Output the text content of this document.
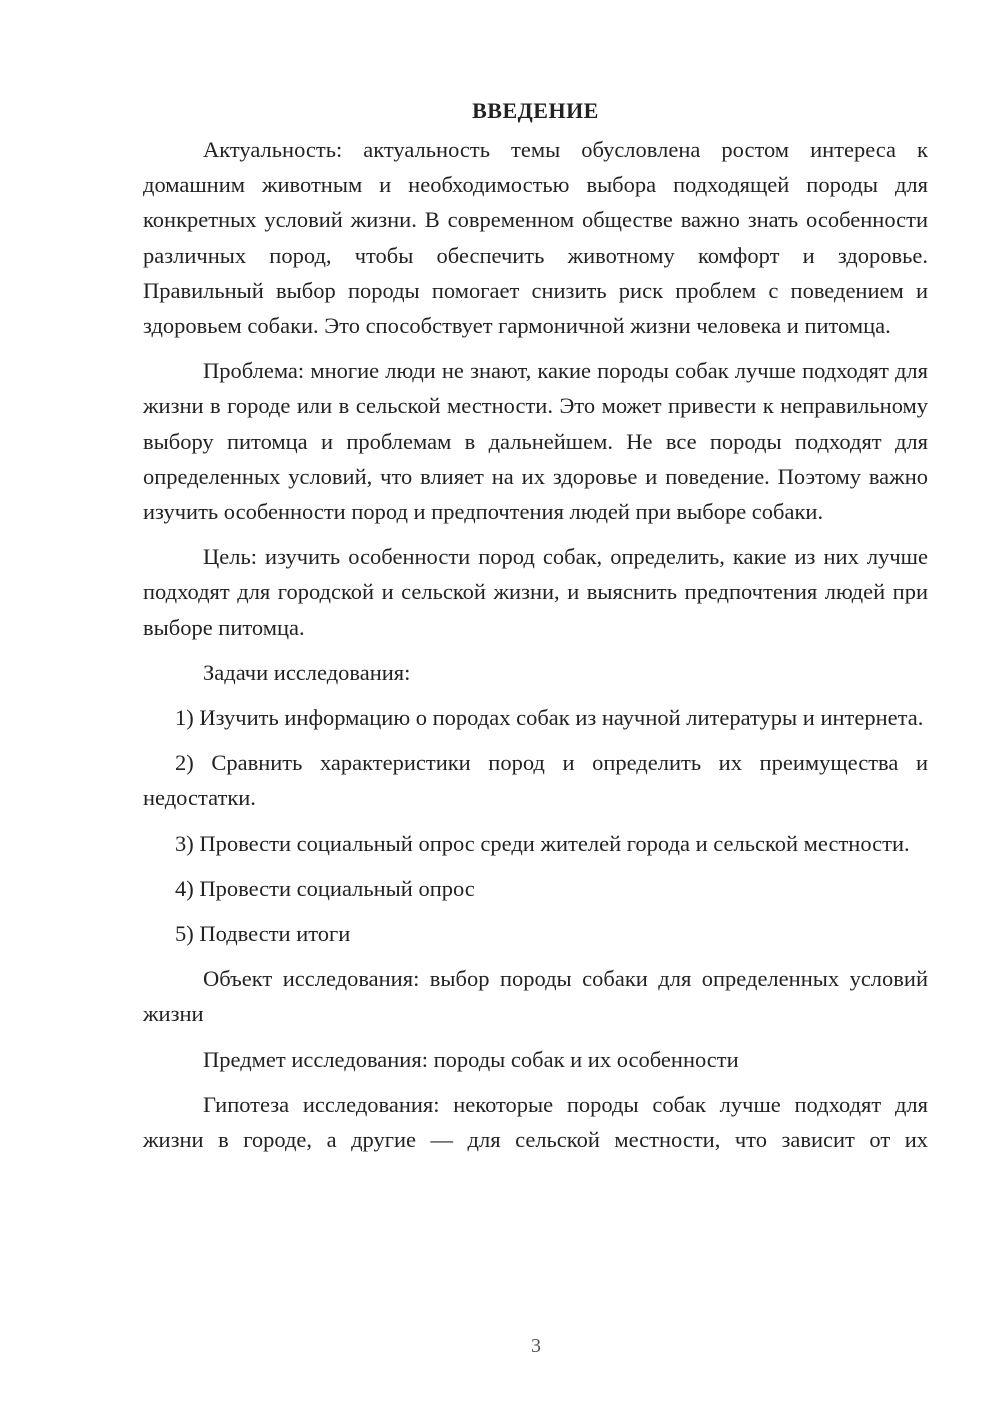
ВВЕДЕНИЕ

Актуальность: актуальность темы обусловлена ростом интереса к домашним животным и необходимостью выбора подходящей породы для конкретных условий жизни. В современном обществе важно знать особенности различных пород, чтобы обеспечить животному комфорт и здоровье. Правильный выбор породы помогает снизить риск проблем с поведением и здоровьем собаки. Это способствует гармоничной жизни человека и питомца.

Проблема: многие люди не знают, какие породы собак лучше подходят для жизни в городе или в сельской местности. Это может привести к неправильному выбору питомца и проблемам в дальнейшем. Не все породы подходят для определенных условий, что влияет на их здоровье и поведение. Поэтому важно изучить особенности пород и предпочтения людей при выборе собаки.

Цель: изучить особенности пород собак, определить, какие из них лучше подходят для городской и сельской жизни, и выяснить предпочтения людей при выборе питомца.

Задачи исследования:

1) Изучить информацию о породах собак из научной литературы и интернета.

2) Сравнить характеристики пород и определить их преимущества и недостатки.

3) Провести социальный опрос среди жителей города и сельской местности.

4) Провести социальный опрос

5) Подвести итоги

Объект исследования: выбор породы собаки для определенных условий жизни

Предмет исследования: породы собак и их особенности

Гипотеза исследования: некоторые породы собак лучше подходят для жизни в городе, а другие — для сельской местности, что зависит от их

3
